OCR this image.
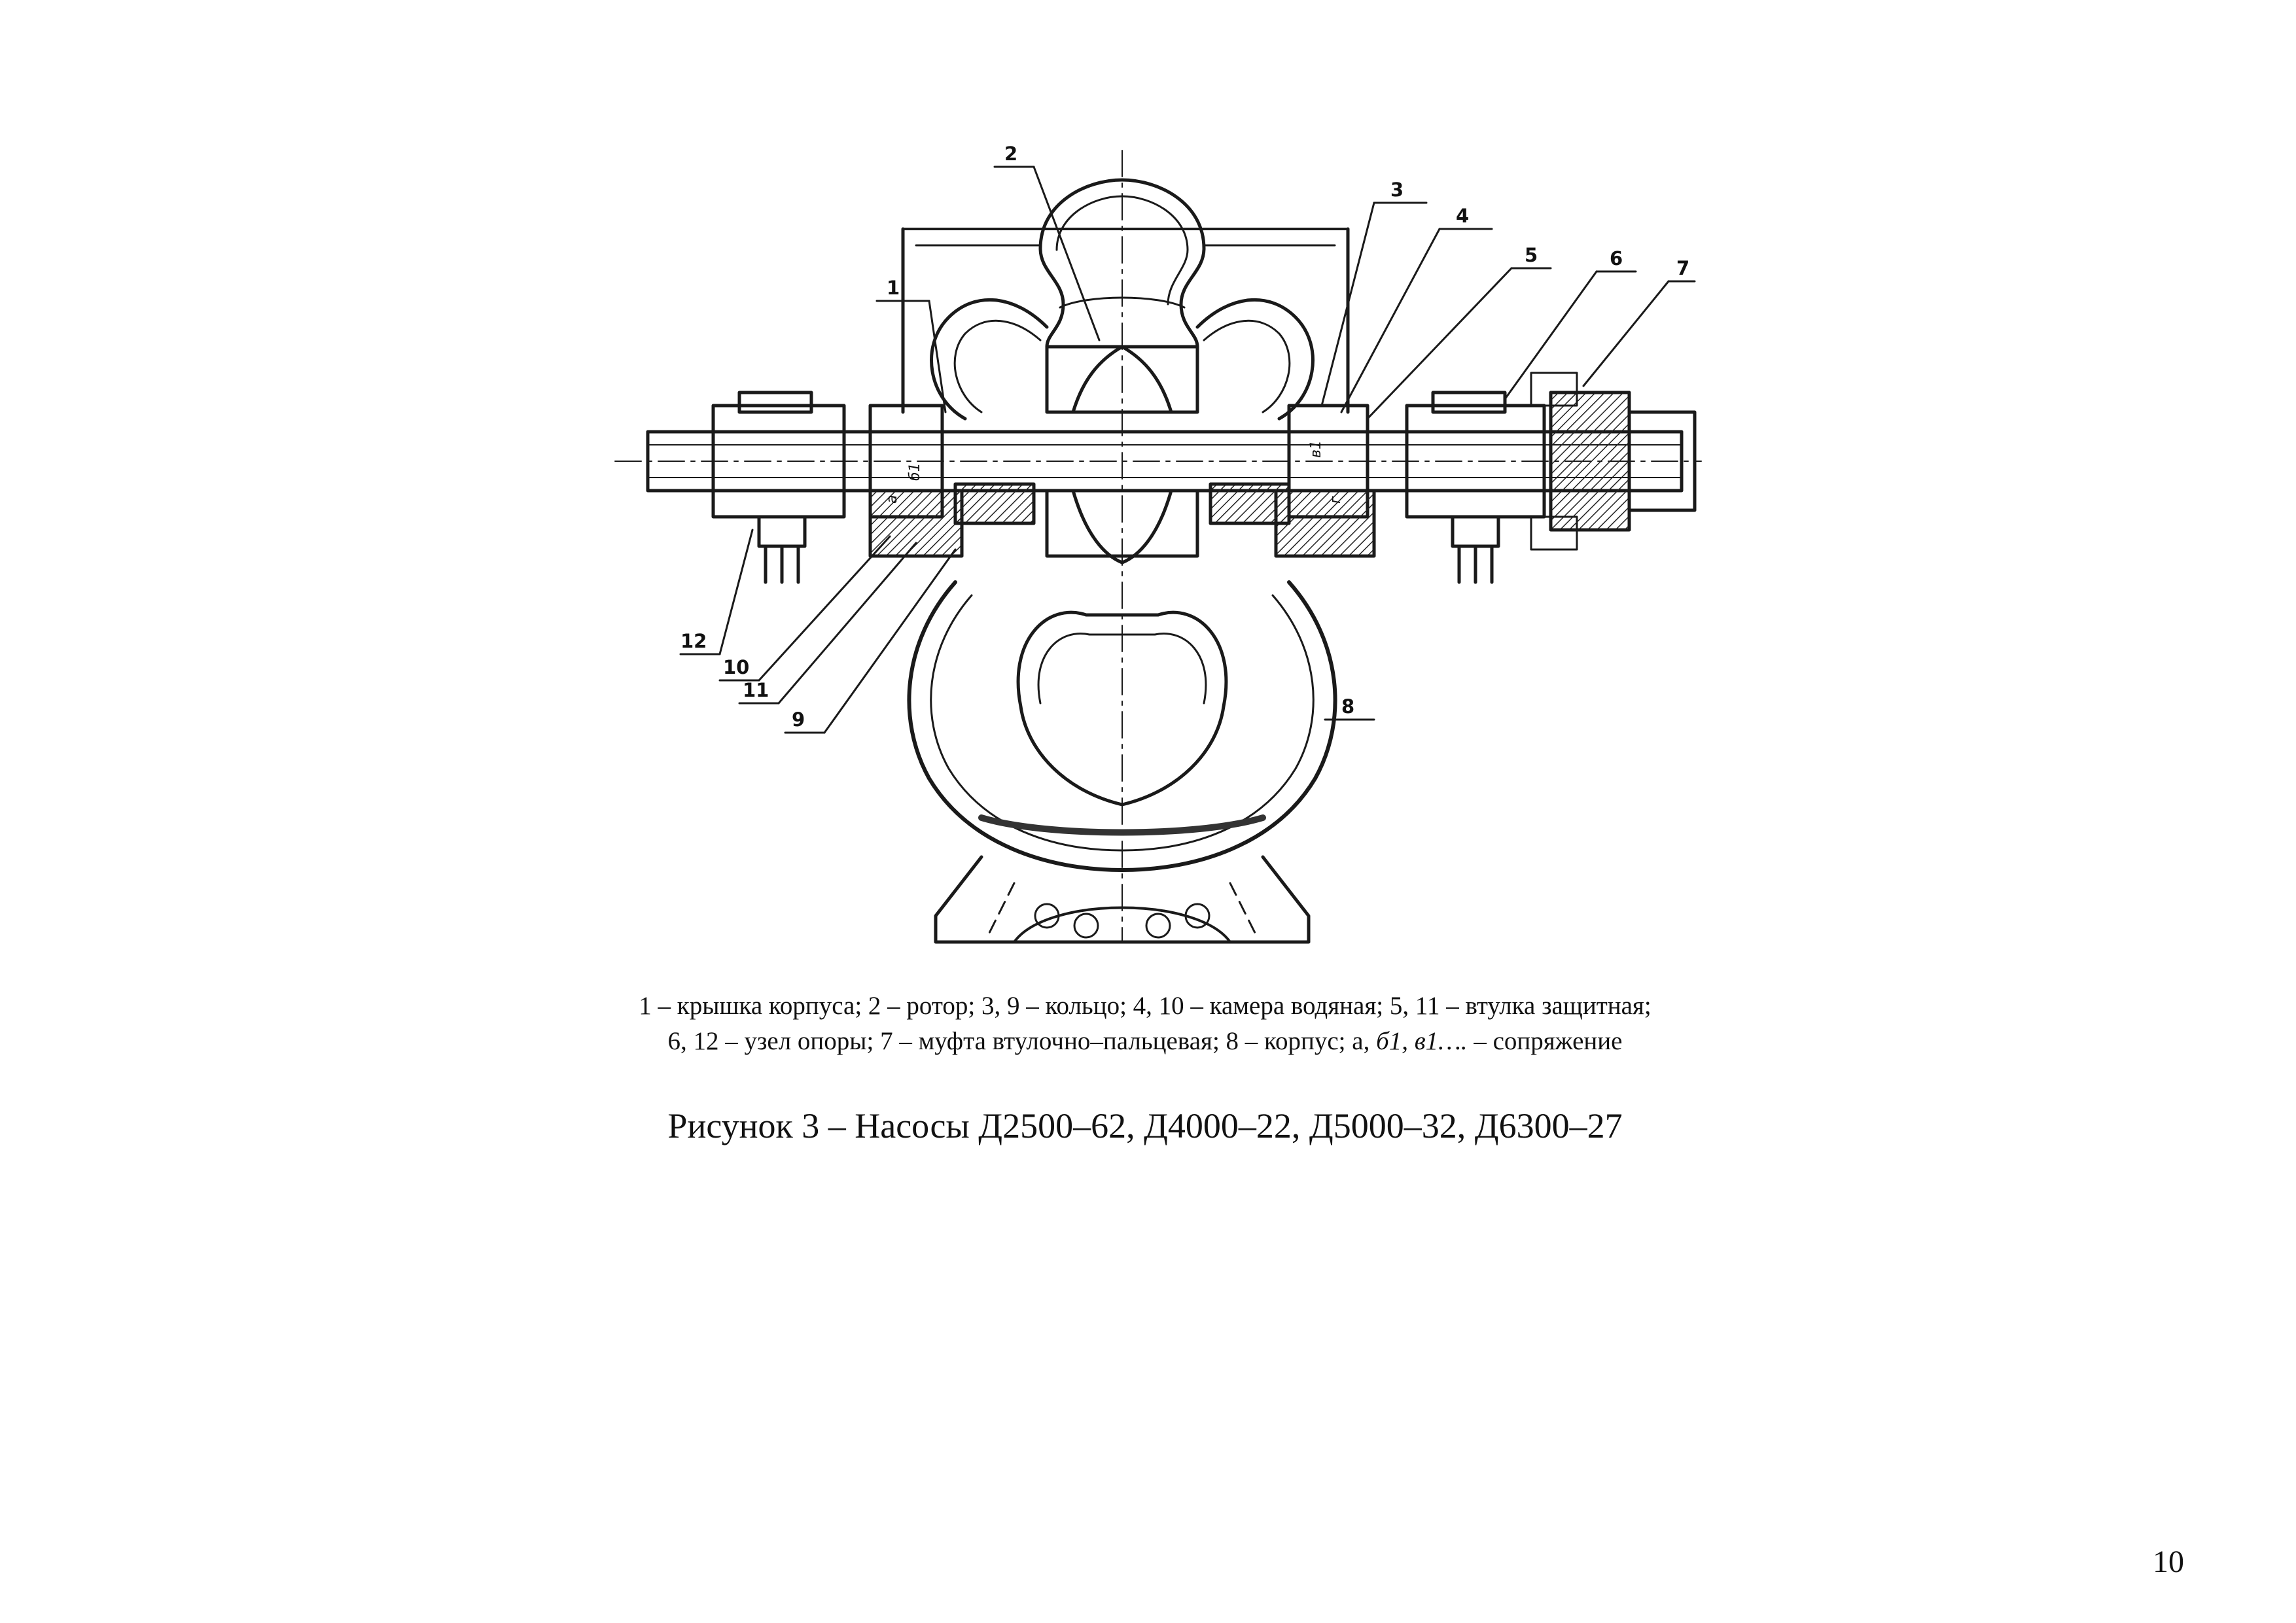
1
2
3
4
5	6	7
8
9
10
11
12
a
б1
в1
г
1 – крышка корпуса; 2 – ротор; 3, 9 – кольцо; 4, 10 – камера водяная; 5, 11 – втулка защитная;
6, 12 – узел опоры; 7 – муфта втулочно–пальцевая; 8 – корпус; а, б1, в1…. – сопряжение
Рисунок 3 – Насосы Д2500–62, Д4000–22, Д5000–32, Д6300–27
10
